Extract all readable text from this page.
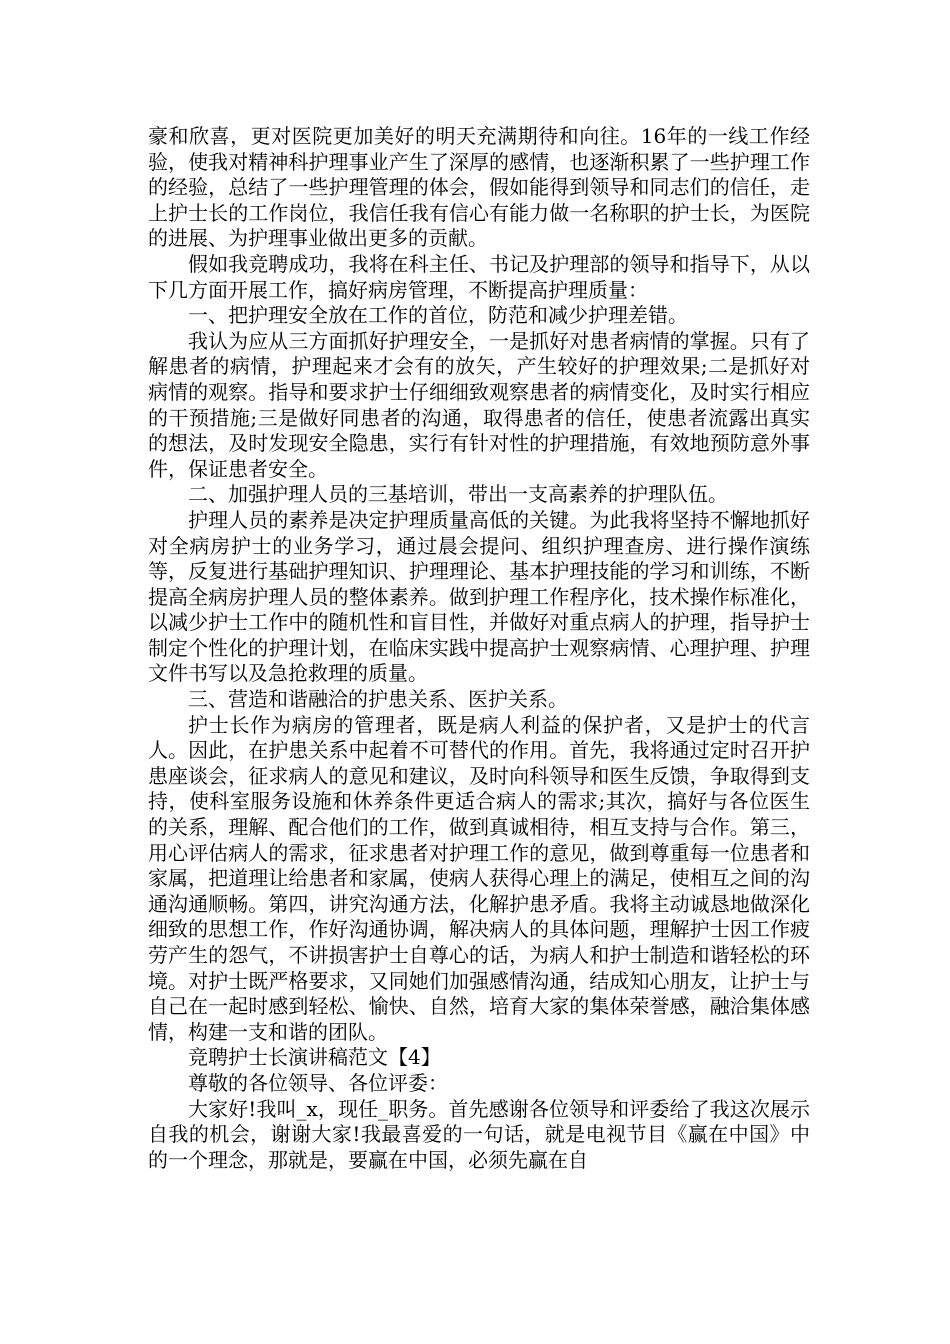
豪和欣喜，更对医院更加美好的明天充满期待和向往。16年的一线工作经验，使我对精神科护理事业产生了深厚的感情，也逐渐积累了一些护理工作的经验，总结了一些护理管理的体会，假如能得到领导和同志们的信任，走上护士长的工作岗位，我信任我有信心有能力做一名称职的护士长，为医院的进展、为护理事业做出更多的贡献。

假如我竞聘成功，我将在科主任、书记及护理部的领导和指导下，从以下几方面开展工作，搞好病房管理，不断提高护理质量：

一、把护理安全放在工作的首位，防范和减少护理差错。

我认为应从三方面抓好护理安全，一是抓好对患者病情的掌握。只有了解患者的病情，护理起来才会有的放矢，产生较好的护理效果;二是抓好对病情的观察。指导和要求护士仔细细致观察患者的病情变化，及时实行相应的干预措施;三是做好同患者的沟通，取得患者的信任，使患者流露出真实的想法，及时发现安全隐患，实行有针对性的护理措施，有效地预防意外事件，保证患者安全。

二、加强护理人员的三基培训，带出一支高素养的护理队伍。

护理人员的素养是决定护理质量高低的关键。为此我将坚持不懈地抓好对全病房护士的业务学习，通过晨会提问、组织护理查房、进行操作演练等，反复进行基础护理知识、护理理论、基本护理技能的学习和训练，不断提高全病房护理人员的整体素养。做到护理工作程序化，技术操作标准化，以减少护士工作中的随机性和盲目性，并做好对重点病人的护理，指导护士制定个性化的护理计划，在临床实践中提高护士观察病情、心理护理、护理文件书写以及急抢救理的质量。

三、营造和谐融洽的护患关系、医护关系。

护士长作为病房的管理者，既是病人利益的保护者，又是护士的代言人。因此，在护患关系中起着不可替代的作用。首先，我将通过定时召开护患座谈会，征求病人的意见和建议，及时向科领导和医生反馈，争取得到支持，使科室服务设施和休养条件更适合病人的需求;其次，搞好与各位医生的关系，理解、配合他们的工作，做到真诚相待，相互支持与合作。第三，用心评估病人的需求，征求患者对护理工作的意见，做到尊重每一位患者和家属，把道理让给患者和家属，使病人获得心理上的满足，使相互之间的沟通沟通顺畅。第四，讲究沟通方法，化解护患矛盾。我将主动诚恳地做深化细致的思想工作，作好沟通协调，解决病人的具体问题，理解护士因工作疲劳产生的怨气，不讲损害护士自尊心的话，为病人和护士制造和谐轻松的环境。对护士既严格要求，又同她们加强感情沟通，结成知心朋友，让护士与自己在一起时感到轻松、愉快、自然，培育大家的集体荣誉感，融洽集体感情，构建一支和谐的团队。

竞聘护士长演讲稿范文【4】

尊敬的各位领导、各位评委：

大家好!我叫_x，现任_职务。首先感谢各位领导和评委给了我这次展示自我的机会，谢谢大家!我最喜爱的一句话，就是电视节目《赢在中国》中的一个理念，那就是，要赢在中国，必须先赢在自
